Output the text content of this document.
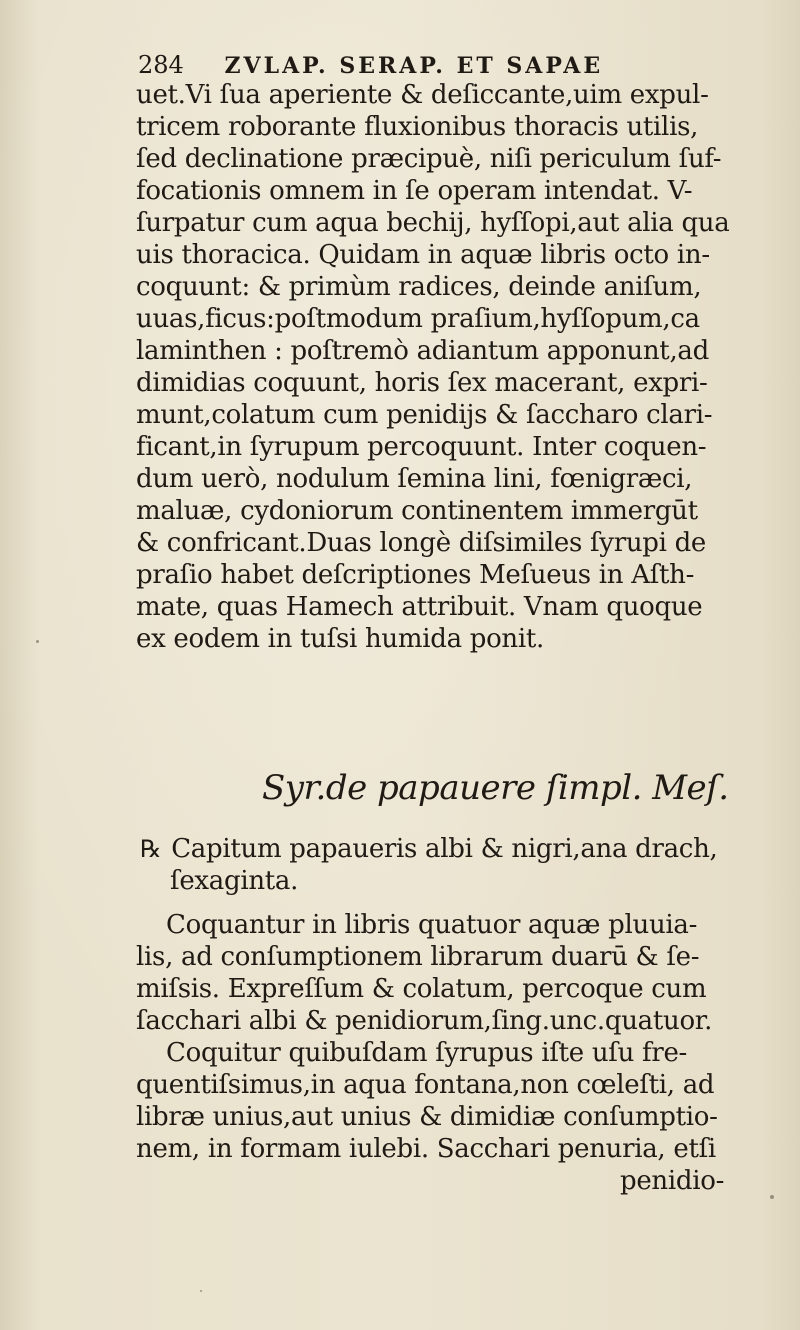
284 ZVLAP. SERAP. ET SAPAE
uet.Vi ſua aperiente & deſiccante,uim expul-
tricem roborante fluxionibus thoracis utilis,
ſed declinatione præcipuè, niſi periculum ſuf-
focationis omnem in ſe operam intendat. V-
ſurpatur cum aqua bechij, hyſſopi,aut alia qua
uis thoracica. Quidam in aquæ libris octo in-
coquunt: & primùm radices, deinde aniſum,
uuas,ficus:poſtmodum praſium,hyſſopum,ca
laminthen : poſtremò adiantum apponunt,ad
dimidias coquunt, horis ſex macerant, expri-
munt,colatum cum penidijs & ſaccharo clari-
ficant,in ſyrupum percoquunt. Inter coquen-
dum uerò, nodulum ſemina lini, fœnigræci,
maluæ, cydoniorum continentem immergūt
& confricant.Duas longè diſsimiles ſyrupi de
praſio habet deſcriptiones Meſueus in Aſth-
mate, quas Hamech attribuit. Vnam quoque
ex eodem in tuſsi humida ponit.
Syr.de papauere ſimpl. Meſ.
℞ Capitum papaueris albi & nigri,ana drach,
ſexaginta.
Coquantur in libris quatuor aquæ pluuia-
lis, ad conſumptionem librarum duarū & ſe-
miſsis. Expreſſum & colatum, percoque cum
ſacchari albi & penidiorum,ſing.unc.quatuor.
Coquitur quibuſdam ſyrupus iſte uſu fre-
quentiſsimus,in aqua fontana,non cœleſti, ad
libræ unius,aut unius & dimidiæ conſumptio-
nem, in formam iulebi. Sacchari penuria, etſi
penidio-
